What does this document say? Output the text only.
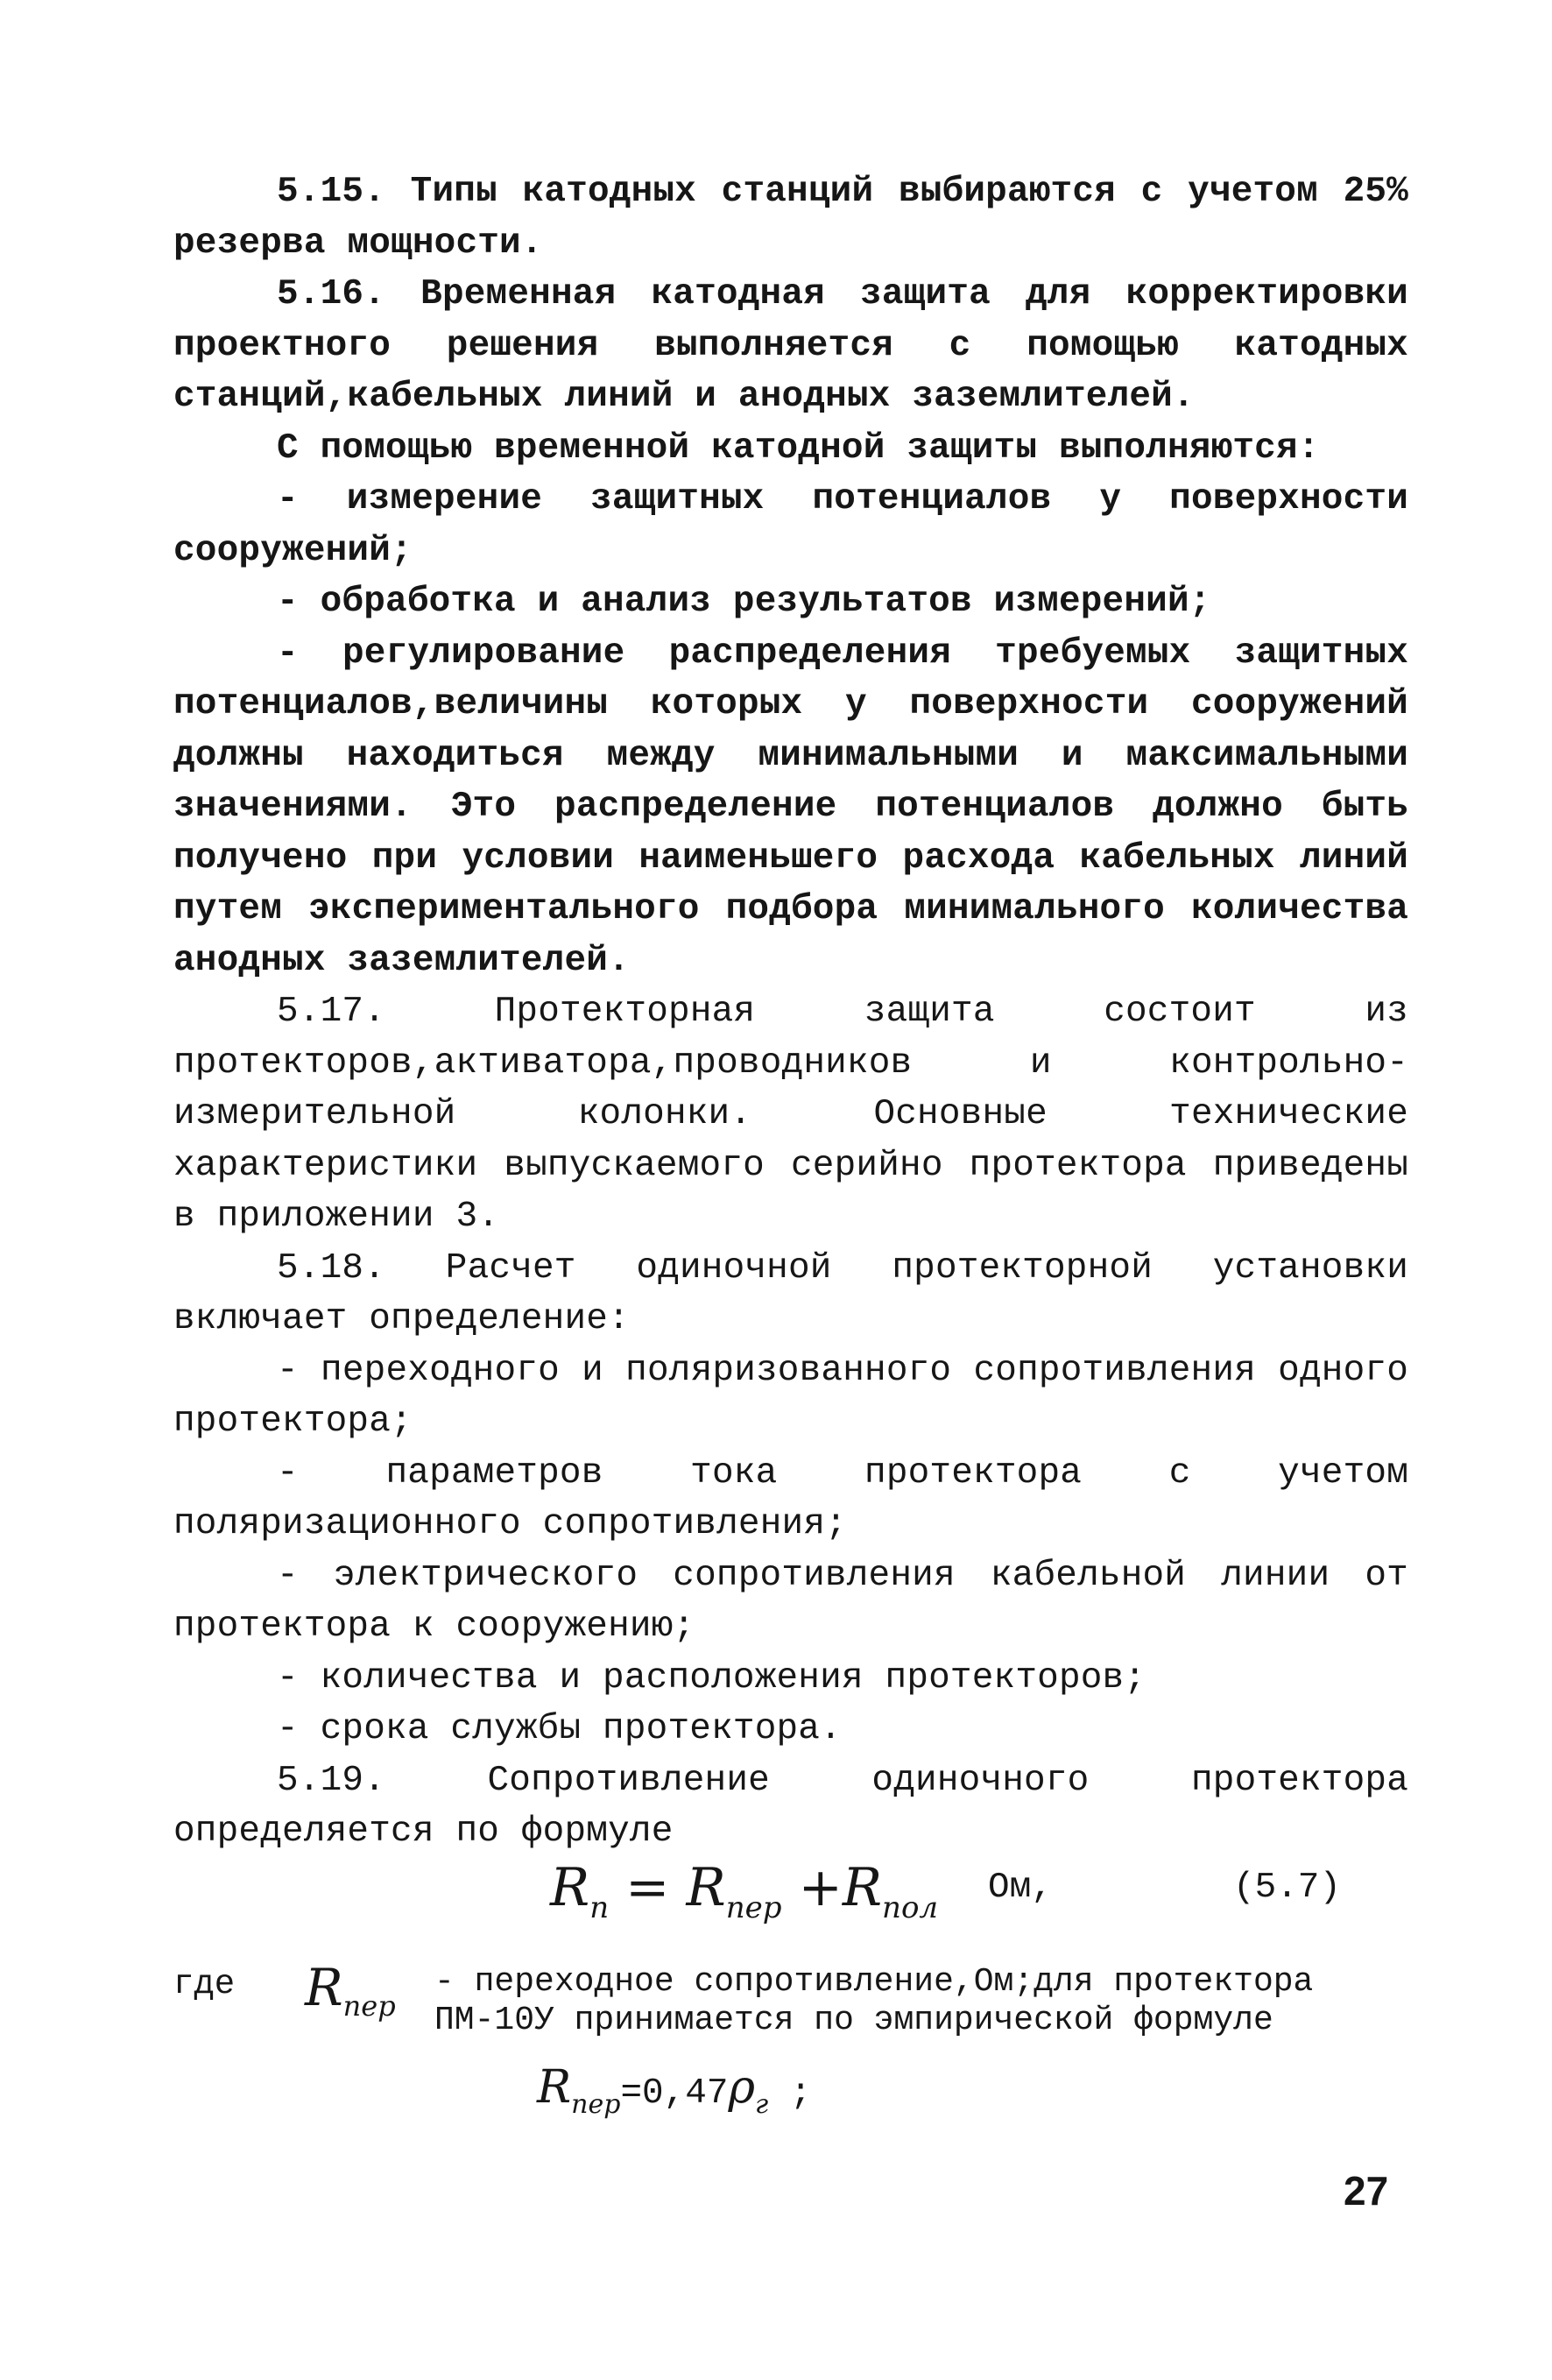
5.15. Типы катодных станций выбираются с учетом 25% резерва мощности.

5.16. Временная катодная защита для корректировки проектного решения выполняется с помощью катодных станций,кабельных линий и анодных заземлителей.

С помощью временной катодной защиты выполняются:

- измерение защитных потенциалов у поверхности сооружений;

- обработка и анализ результатов измерений;

- регулирование распределения требуемых защитных потенциалов,величины которых у поверхности сооружений должны находиться между минимальными и максимальными значениями. Это распределение потенциалов должно быть получено при условии наименьшего расхода кабельных линий путем экспериментального подбора минимального количества анодных заземлителей.

5.17. Протекторная защита состоит из протекторов,активатора,проводников и контрольно-измерительной колонки. Основные технические характеристики выпускаемого серийно протектора приведены в приложении 3.

5.18. Расчет одиночной протекторной установки включает определение:

- переходного и поляризованного сопротивления одного протектора;

- параметров тока протектора с учетом поляризационного сопротивления;

- электрического сопротивления кабельной линии от протектора к сооружению;

- количества и расположения протекторов;

- срока службы протектора.

5.19. Сопротивление одиночного протектора определяется по формуле

$R_п = R_{пер} +R_{пол}$ Ом,	(5.7)
где $R_{пер}$
- переходное сопротивление,Ом;для протектора ПМ-10У принимается по эмпирической формуле
$R_{пер}=0,47\rho_г$ ;
27
